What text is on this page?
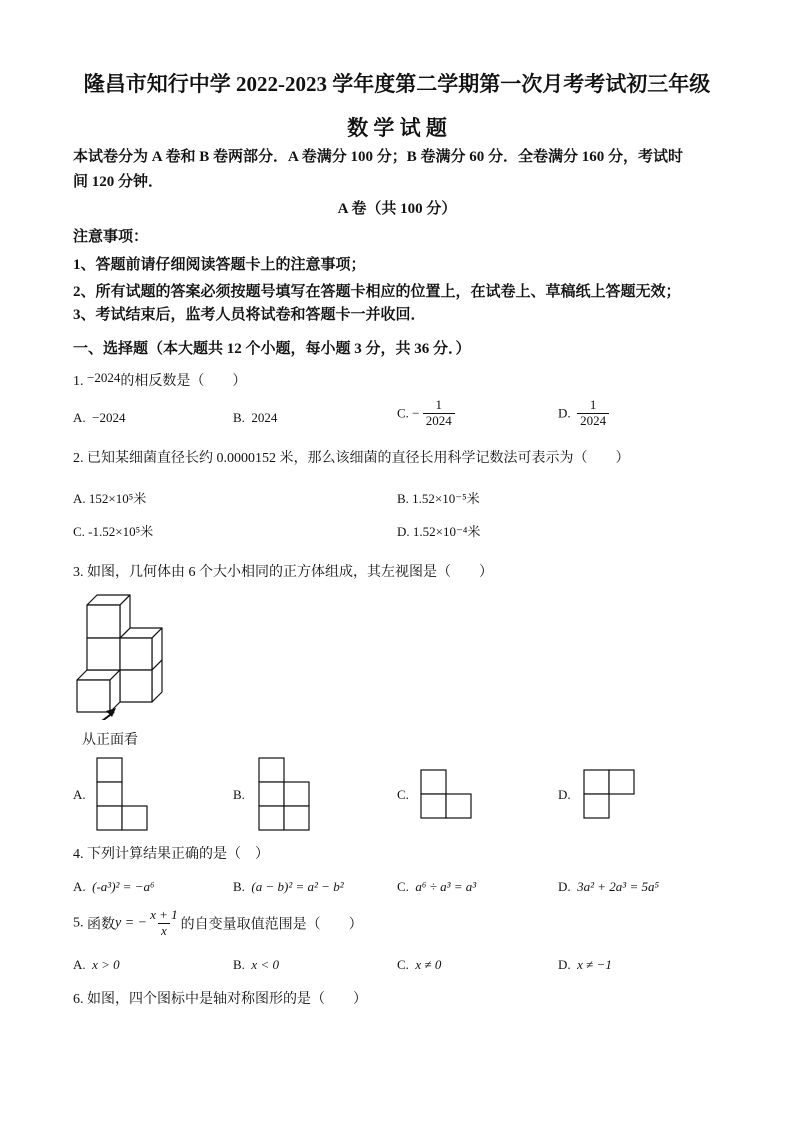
隆昌市知行中学 2022-2023 学年度第二学期第一次月考考试初三年级
数 学 试 题
本试卷分为 A 卷和 B 卷两部分．A 卷满分 100 分；B 卷满分 60 分．全卷满分 160 分，考试时
间 120 分钟．
A 卷（共 100 分）
注意事项：
1、答题前请仔细阅读答题卡上的注意事项；
2、所有试题的答案必须按题号填写在答题卡相应的位置上，在试卷上、草稿纸上答题无效；
3、考试结束后，监考人员将试卷和答题卡一并收回．
一、选择题（本大题共 12 个小题，每小题 3 分，共 36 分．）
1. −2024的相反数是（　　）
A. −2024	B. 2024	C. − $\frac{1}{2024}$	D. $\frac{1}{2024}$
2. 已知某细菌直径长约 0.0000152 米，那么该细菌的直径长用科学记数法可表示为（　　）
A. 152×10⁵米	B. 1.52×10⁻⁵米
C. -1.52×10⁵米	D. 1.52×10⁻⁴米
3. 如图，几何体由 6 个大小相同的正方体组成，其左视图是（　　）
从正面看
A.	B.	C.	D.
4. 下列计算结果正确的是（　）
A. (-a³)² = −a⁶	B. (a − b)² = a² − b²	C. a⁶ ÷ a³ = a³	D. 3a² + 2a³ = 5a⁵
5. 函数y = − $\frac{x + 1}{x}$ 的自变量取值范围是（　　）
A. x > 0	B. x < 0	C. x ≠ 0	D. x ≠ −1
6. 如图，四个图标中是轴对称图形的是（　　）
